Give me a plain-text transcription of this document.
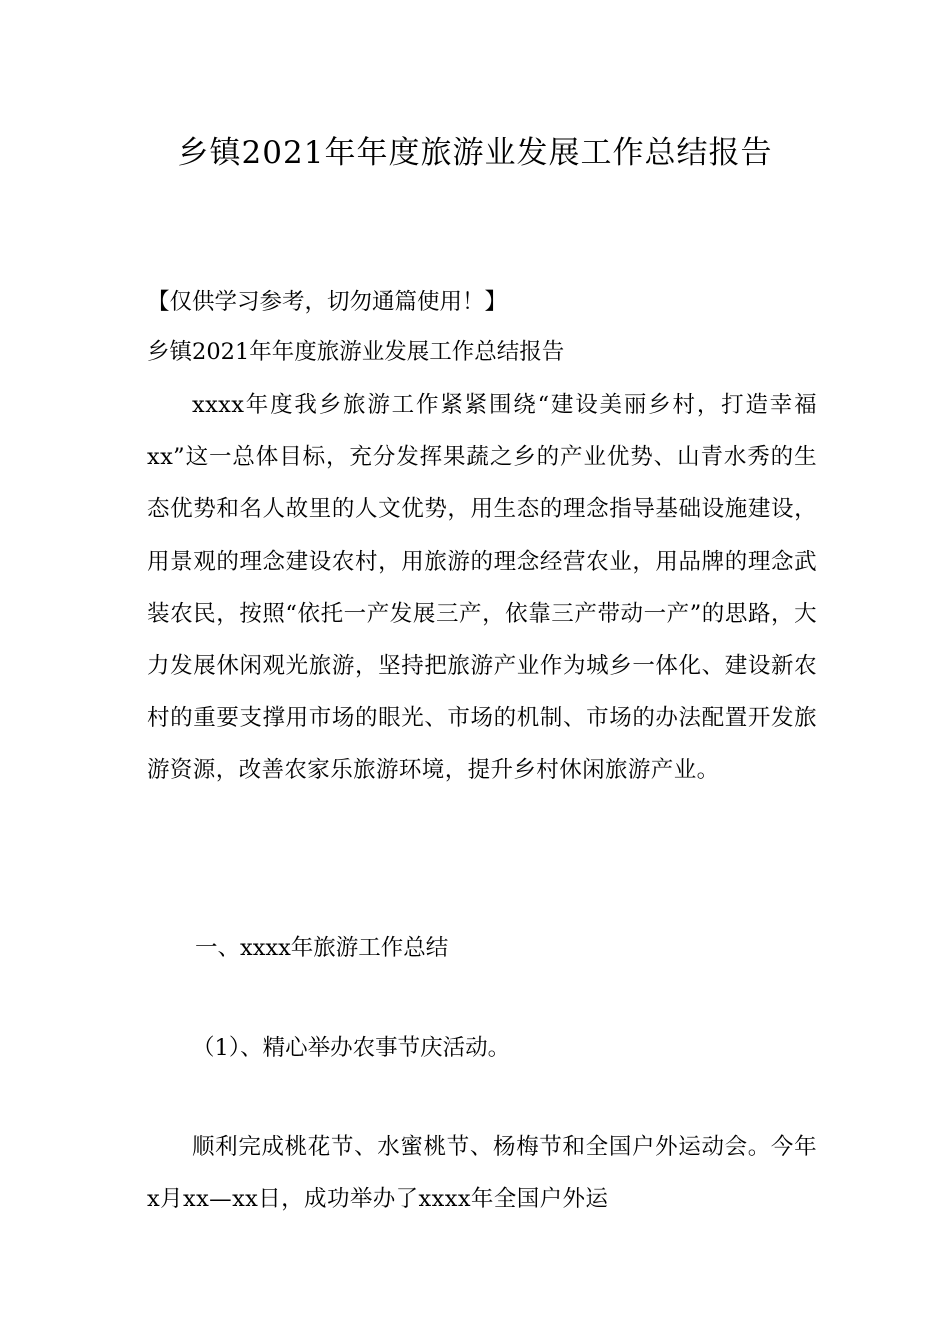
乡镇2021年年度旅游业发展工作总结报告

【仅供学习参考，切勿通篇使用！】

乡镇2021年年度旅游业发展工作总结报告

xxxx年度我乡旅游工作紧紧围绕“建设美丽乡村，打造幸福xx”这一总体目标，充分发挥果蔬之乡的产业优势、山青水秀的生态优势和名人故里的人文优势，用生态的理念指导基础设施建设，用景观的理念建设农村，用旅游的理念经营农业，用品牌的理念武装农民，按照“依托一产发展三产，依靠三产带动一产”的思路，大力发展休闲观光旅游，坚持把旅游产业作为城乡一体化、建设新农村的重要支撑用市场的眼光、市场的机制、市场的办法配置开发旅游资源，改善农家乐旅游环境，提升乡村休闲旅游产业。

一、xxxx年旅游工作总结

（1）、精心举办农事节庆活动。

顺利完成桃花节、水蜜桃节、杨梅节和全国户外运动会。今年 x月xx—xx日，成功举办了xxxx年全国户外运
